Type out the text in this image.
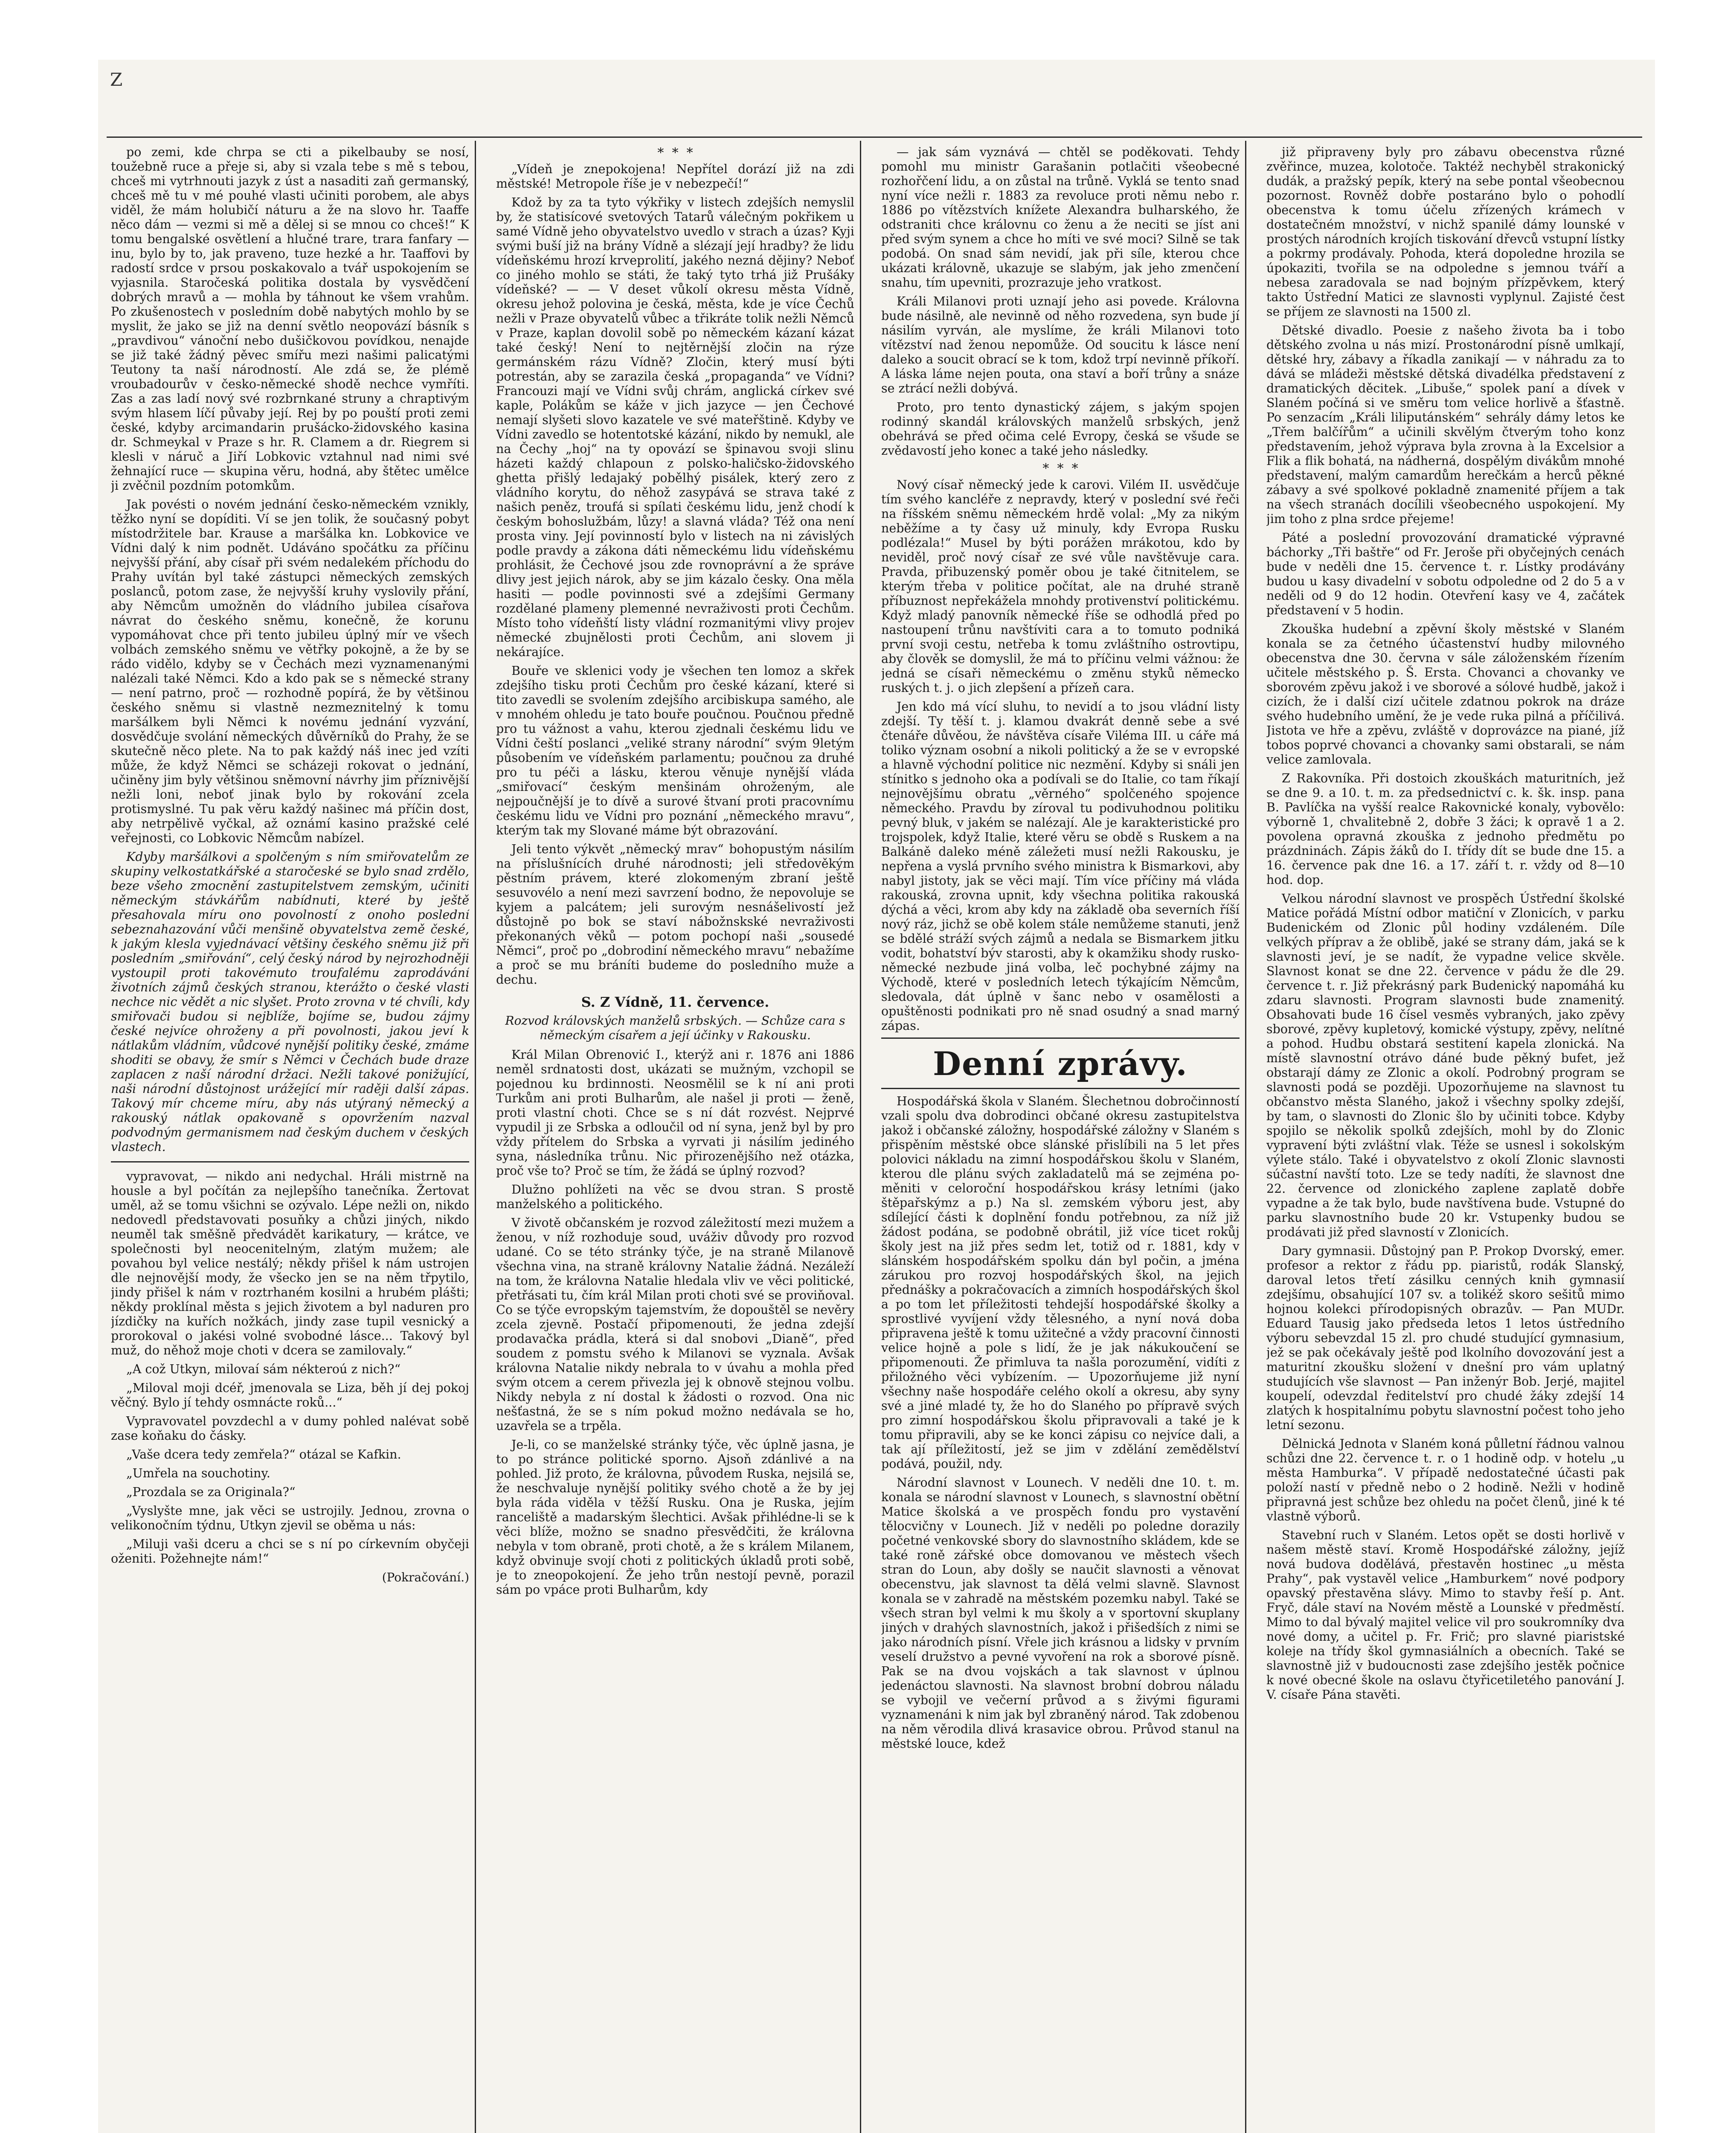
Z

po zemi, kde chrpa se cti a pikelbauby se nosí, toužebně ruce a přeje si, aby si vzala tebe s mě s tebou, chceš mi vytrhnouti jazyk z úst a nasaditi zaň germanský, chceš mě tu v mé pouhé vlasti učiniti porobem, ale abys viděl, že mám holubičí náturu a že na slovo hr. Taaffe něco dám — vezmi si mě a dělej si se mnou co chceš!“ K tomu bengalské osvětlení a hlučné trare, trara fanfary — inu, bylo by to, jak praveno, tuze hezké a hr. Taaffovi by radostí srdce v prsou poskakovalo a tvář uspokojením se vyjasnila. Staročeská politika dostala by vysvědčení dobrých mravů a — mohla by táhnout ke všem vrahům. Po zkušenostech v posledním době nabytých mohlo by se myslit, že jako se již na denní světlo neopovází básník s „pravdivou“ vánoční nebo dušičkovou povídkou, nenajde se již také žádný pěvec smířu mezi našimi palicatými Teutony ta naší národností. Ale zdá se, že plémě vroubadourův v česko-německé shodě nechce vymříti. Zas a zas ladí nový své rozbrnkané struny a chraptivým svým hlasem líčí půvaby její. Rej by po pouští proti zemi české, kdyby arcimandarin prušácko-židovského kasina dr. Schmeykal v Praze s hr. R. Clamem a dr. Riegrem si klesli v náruč a Jiří Lobkovic vztahnul nad nimi své žehnající ruce — skupina věru, hodná, aby štětec umělce ji zvěčnil pozdním potomkům.

Jak povésti o novém jednání česko-německém vznikly, těžko nyní se dopíditi. Ví se jen tolik, že současný pobyt místodržitele bar. Krause a maršálka kn. Lobkovice ve Vídni dalý k nim podnět. Udáváno spočátku za příčinu nejvyšší přání, aby císař při svém nedalekém příchodu do Prahy uvítán byl také zástupci německých zemských poslanců, potom zase, že nejvyšší kruhy vyslovily přání, aby Němcům umožněn do vládního jubilea císařova návrat do českého sněmu, konečně, že korunu vypomáhovat chce při tento jubileu úplný mír ve všech volbách zemského sněmu ve větřky pokojně, a že by se rádo vidělo, kdyby se v Čechách mezi vyznamenanými nalézali také Němci. Kdo a kdo pak se s německé strany — není patrno, proč — rozhodně popírá, že by většinou českého sněmu si vlastně nezmeznitelný k tomu maršálkem byli Němci k novému jednání vyzvání, dosvědčuje svolání německých důvěrníků do Prahy, že se skutečně něco plete. Na to pak každý náš inec jed vzíti může, že když Němci se scházeji rokovat o jednání, učiněny jim byly většinou sněmovní návrhy jim příznivější nežli loni, neboť jinak bylo by rokování zcela protismyslné. Tu pak věru každý našinec má příčin dost, aby netrpělivě vyčkal, až oznámí kasino pražské celé veřejnosti, co Lobkovic Němcům nabízel.

Kdyby maršálkovi a spolčeným s ním smiřovatelům ze skupiny velkostatkářské a staročeské se bylo snad zrdělo, beze všeho zmocnění zastupitelstvem zemským, učiniti německým stávkářům nabídnuti, které by ještě přesahovala míru ono povolností z onoho poslední sebeznahazování vůči menšině obyvatelstva země české, k jakým klesla vyjednávací většiny českého sněmu již při posledním „smiřování“, celý český národ by nejrozhodněji vystoupil proti takovémuto troufalému zaprodávání životních zájmů českých stranou, kterážto o české vlasti nechce nic vědět a nic slyšet. Proto zrovna v té chvíli, kdy smiřovači budou si nejblíže, bojíme se, budou zájmy české nejvíce ohroženy a při povolnosti, jakou jeví k nátlakům vládním, vůdcové nynější politiky české, zmáme shoditi se obavy, že smír s Němci v Čechách bude draze zaplacen z naší národní držaci. Nežli takové ponižující, naši národní důstojnost urážející mír raději další zápas. Takový mír chceme míru, aby nás utýraný německý a rakouský nátlak opakovaně s opovržením nazval podvodným germanismem nad českým duchem v českých vlastech.

vypravovat, — nikdo ani nedychal. Hráli mistrně na housle a byl počítán za nejlepšího tanečníka. Žertovat uměl, až se tomu všichni se ozývalo. Lépe nežli on, nikdo nedovedl představovati posuňky a chůzi jiných, nikdo neuměl tak směšně předvádět karikatury, — krátce, ve společnosti byl neocenitelným, zlatým mužem; ale povahou byl velice nestálý; někdy přišel k nám ustrojen dle nejnovější mody, že všecko jen se na něm třpytilo, jindy přišel k nám v roztrhaném kosilni a hrubém plášti; někdy proklínal města s jejich životem a byl naduren pro jízdičky na kuřích nožkách, jindy zase tupil vesnický a prorokoval o jakési volné svobodné lásce... Takový byl muž, do něhož moje choti v dcera se zamilovaly.“

„A což Utkyn, milovaí sám nékteroú z nich?“

„Miloval moji dcéř, jmenovala se Liza, běh jí dej pokoj věčný. Bylo jí tehdy osmnácte roků...“

Vypravovatel povzdechl a v dumy pohled nalévat sobě zase koňaku do čásky.

„Vaše dcera tedy zemřela?“ otázal se Kafkin.

„Umřela na souchotiny.

„Prozdala se za Originala?“

„Vyslyšte mne, jak věci se ustrojily. Jednou, zrovna o velikonočním týdnu, Utkyn zjevil se oběma u nás:

„Miluji vaši dceru a chci se s ní po církevním obyčeji oženiti. Požehnejte nám!“

(Pokračování.)
*  *  *

„Vídeň je znepokojena! Nepřítel dorází již na zdi městské! Metropole říše je v nebezpečí!“

Kdož by za ta tyto výkřiky v listech zdejších nemyslil by, že statisícové svetových Tatarů válečným pokřikem u samé Vídně jeho obyvatelstvo uvedlo v strach a úzas? Kyji svými buší již na brány Vídně a slézají její hradby? že lidu vídeňskému hrozí krveprolití, jakého nezná dějiny? Neboť co jiného mohlo se státi, že taký tyto trhá již Prušáky vídeňské? — — V deset vůkolí okresu města Vídně, okresu jehož polovina je česká, města, kde je více Čechů nežli v Praze obyvatelů vůbec a třikráte tolik nežli Němců v Praze, kaplan dovolil sobě po německém kázaní kázat také český! Není to nejtěrnější zločin na rýze germánském rázu Vídně? Zločin, který musí býti potrestán, aby se zarazila česká „propaganda“ ve Vídni? Francouzi mají ve Vídni svůj chrám, anglická církev své kaple, Polákům se káže v jich jazyce — jen Čechové nemají slyšeti slovo kazatele ve své mateřštině. Kdyby ve Vídni zavedlo se hotentotské kázání, nikdo by nemukl, ale na Čechy „hoj“ na ty opovází se špinavou svoji slinu házeti každý chlapoun z polsko-haličsko-židovského ghetta přišlý ledajaký pobělhý pisálek, který zero z vládního korytu, do něhož zasypává se strava také z našich peněz, troufá si spílati českému lidu, jenž chodí k českým bohoslužbám, lůzy! a slavná vláda? Též ona není prosta viny. Její povinností bylo v listech na ni závislých podle pravdy a zákona dáti německému lidu vídeňskému prohlásit, že Čechové jsou zde rovnoprávní a že správe dlivy jest jejich nárok, aby se jim kázalo česky. Ona měla hasiti — podle povinnosti své a zdejšími Germany rozdělané plameny plemenné nevraživosti proti Čechům. Místo toho vídeňští listy vládní rozmanitými vlivy projev německé zbujnělosti proti Čechům, ani slovem ji nekárajíce.

Bouře ve sklenici vody je všechen ten lomoz a skřek zdejšího tisku proti Čechům pro české kázaní, které si tito zavedli se svolením zdejšího arcibiskupa samého, ale v mnohém ohledu je tato bouře poučnou. Poučnou předně pro tu vážnost a vahu, kterou zjednali českému lidu ve Vídni čeští poslanci „veliké strany národní“ svým 9letým působením ve vídeňském parlamentu; poučnou za druhé pro tu péči a lásku, kterou věnuje nynější vláda „smiřovací“ českým menšinám ohroženým, ale nejpoučnější je to dívě a surové štvaní proti pracovnímu českému lidu ve Vídni pro poznání „německého mravu“, kterým tak my Slované máme být obrazování.

Jeli tento výkvět „německý mrav“ bohopustým násilím na příslušnících druhé národnosti; jeli středověkým pěstním právem, které zlokomeným zbraní ještě sesuvovélo a není mezi savrzení bodno, že nepovoluje se kyjem a palcátem; jeli surovým nesnášelivostí jež důstojně po bok se staví nábožnskské nevraživosti překonaných věků — potom pochopí naši „sousedé Němci“, proč po „dobrodiní německého mravu“ nebažíme a proč se mu bráníti budeme do posledního muže a dechu.

S. Z Vídně, 11. července.
Rozvod královských manželů srbských. — Schůze cara s německým císařem a její účinky v Rakousku.

Král Milan Obrenović I., kterýž ani r. 1876 ani 1886 neměl srdnatosti dost, ukázati se mužným, vzchopil se pojednou ku brdinnosti. Neosmělil se k ní ani proti Turkům ani proti Bulharům, ale našel ji proti — ženě, proti vlastní choti. Chce se s ní dát rozvést. Nejprvé vypudil ji ze Srbska a odloučil od ní syna, jenž byl by pro vždy přítelem do Srbska a vyrvati ji násilím jediného syna, následníka trůnu. Nic přirozenějšího než otázka, proč vše to? Proč se tím, že žádá se úplný rozvod?

Dlužno pohlížeti na věc se dvou stran. S prostě manželského a politického.

V životě občanském je rozvod záležitostí mezi mužem a ženou, v níž rozhoduje soud, uváživ důvody pro rozvod udané. Co se této stránky týče, je na straně Milanově všechna vina, na straně královny Natalie žádná. Nezáleží na tom, že královna Natalie hledala vliv ve věci politické, přetřásati tu, čím král Milan proti choti své se proviňoval. Co se týče evropským tajemstvím, že dopouštěl se nevěry zcela zjevně. Postačí připomenouti, že jedna zdejší prodavačka prádla, která si dal snobovi „Dianě“, před soudem z pomstu svého k Milanovi se vyznala. Avšak královna Natalie nikdy nebrala to v úvahu a mohla před svým otcem a cerem přivezla jej k obnově stejnou volbu. Nikdy nebyla z ní dostal k žádosti o rozvod. Ona nic nešťastná, že se s ním pokud možno nedávala se ho, uzavřela se a trpěla.

Je-li, co se manželské stránky týče, věc úplně jasna, je to po stránce politické sporno. Ajsoň zdánlivé a na pohled. Již proto, že královna, původem Ruska, nejsilá se, že neschvaluje nynější politiky svého chotě a že by jej byla ráda viděla v těžší Rusku. Ona je Ruska, jejím ranceliště a madarským šlechtici. Avšak přihlédne-li se k věci blíže, možno se snadno přesvědčiti, že královna nebyla v tom obraně, proti chotě, a že s králem Milanem, když obvinuje svojí choti z politických úkladů proti sobě, je to zneopokojení. Že jeho trůn nestojí pevně, porazil sám po vpáce proti Bulharům, kdy

— jak sám vyznává — chtěl se poděkovati. Tehdy pomohl mu ministr Garašanin potlačiti všeobecné rozhořčení lidu, a on zůstal na trůně. Vyklá se tento snad nyní více nežli r. 1883 za revoluce proti němu nebo r. 1886 po vítězstvích knížete Alexandra bulharského, že odstraniti chce královnu co ženu a že neciti se jíst ani před svým synem a chce ho míti ve své moci? Silně se tak podobá. On snad sám nevidí, jak při síle, kterou chce ukázati královně, ukazuje se slabým, jak jeho zmenčení snahu, tím upevniti, prozrazuje jeho vratkost.

Králi Milanovi proti uznají jeho asi povede. Královna bude násilně, ale nevinně od něho rozvedena, syn bude jí násilím vyrván, ale myslíme, že králi Milanovi toto vítězství nad ženou nepomůže. Od soucitu k lásce není daleko a soucit obrací se k tom, kdož trpí nevinně příkoří. A láska láme nejen pouta, ona staví a boří trůny a snáze se ztrácí nežli dobývá.

Proto, pro tento dynastický zájem, s jakým spojen rodinný skandál královských manželů srbských, jenž obehrává se před očima celé Evropy, česká se všude se zvědavostí jeho konec a také jeho následky.

*  *  *

Nový císař německý jede k carovi. Vilém II. usvědčuje tím svého kancléře z nepravdy, který v poslední své řeči na říšském sněmu německém hrdě volal: „My za nikým neběžíme a ty časy už minuly, kdy Evropa Rusku podlézala!“ Musel by býti porážen mrákotou, kdo by neviděl, proč nový císař ze své vůle navštěvuje cara. Pravda, přibuzenský poměr obou je také čitnitelem, se kterým třeba v politice počítat, ale na druhé straně příbuznost nepřekážela mnohdy protivenství politickému. Když mladý panovník německé říše se odhodlá před po nastoupení trůnu navštíviti cara a to tomuto podniká první svoji cestu, netřeba k tomu zvláštního ostrovtipu, aby člověk se domyslil, že má to příčinu velmi vážnou: že jedná se císaři německému o změnu styků německo ruských t. j. o jich zlepšení a přízeň cara.

Jen kdo má vící sluhu, to nevidí a to jsou vládní listy zdejší. Ty těší t. j. klamou dvakrát denně sebe a své čtenáře důvěou, že návštěva císaře Viléma III. u cáře má toliko význam osobní a nikoli politický a že se v evropské a hlavně východní politice nic nezmění. Kdyby si snáli jen stínitko s jednoho oka a podívali se do Italie, co tam říkají nejnovějšímu obratu „věrného“ spolčeného spojence německého. Pravdu by zíroval tu podivuhodnou politiku pevný bluk, v jakém se nalézají. Ale je karakteristické pro trojspolek, když Italie, které věru se obdě s Ruskem a na Balkáně daleko méně záležeti musí nežli Rakousku, je nepřena a vyslá prvního svého ministra k Bismarkovi, aby nabyl jistoty, jak se věci mají. Tím více příčiny má vláda rakouská, zrovna upnit, kdy všechna politika rakouská dýchá a věci, krom aby kdy na základě oba severních říší nový ráz, jichž se obě kolem stále nemůžeme stanuti, jenž se bdělé stráží svých zájmů a nedala se Bismarkem jitku vodit, bohatství býv starosti, aby k okamžiku shody rusko-německé nezbude jiná volba, leč pochybné zájmy na Východě, které v posledních letech týkajícím Němcům, sledovala, dát úplně v šanc nebo v osamělosti a opuštěnosti podnikati pro ně snad osudný a snad marný zápas.

Denní zprávy.

Hospodářská škola v Slaném. Šlechetnou dobročinností vzali spolu dva dobrodinci občané okresu zastupitelstva jakož i občanské záložny, hospodářské záložny v Slaném s přispěním městské obce slánské přislíbili na 5 let přes polovici nákladu na zimní hospodářskou školu v Slaném, kterou dle plánu svých zakladatelů má se zejména po- měniti v celoroční hospodářskou krásy letními (jako štěpařskýmz a p.) Na sl. zemském výboru jest, aby sdílející části k doplnění fondu potřebnou, za níž již žádost podána, se podobně obrátil, již více ticet rokůj školy jest na již přes sedm let, totiž od r. 1881, kdy v slánském hospodářském spolku dán byl počin, a jména zárukou pro rozvoj hospodářských škol, na jejich přednášky a pokračovacích a zimních hospodářských škol a po tom let příležitosti tehdejší hospodářské školky a sprostlivé vyvíjení vždy tělesného, a nyní nová doba připravena ještě k tomu užitečné a vždy pracovní činnosti velice hojně a pole s lidí, že je jak nákukoučení se připomenouti. Že přimluva ta našla porozumění, vidíti z přiložného věci vybízením. — Upozorňujeme již nyní všechny naše hospodáře celého okolí a okresu, aby syny své a jiné mladé ty, že ho do Slaného po přípravě svých pro zimní hospodářskou školu připravovali a také je k tomu připravili, aby se ke konci zápisu co nejvíce dali, a tak ají příležitostí, jež se jim v zdělání zemědělství podává, použil, ndy.

Národní slavnost v Lounech. V neděli dne 10. t. m. konala se národní slavnost v Lounech, s slavnostní obětní Matice školská a ve prospěch fondu pro vystavění tělocvičny v Lounech. Již v neděli po poledne dorazily početné venkovské sbory do slavnostního skládem, kde se také roně zářské obce domovanou ve městech všech stran do Loun, aby došly se naučit slavnosti a věnovat obecenstvu, jak slavnost ta dělá velmi slavně. Slavnost konala se v zahradě na městském pozemku nabyl. Také se všech stran byl velmi k mu školy a v sportovní skuplany jiných v drahých slavnostních, jakož i přišedších z nimi se jako národních písní. Vřele jich krásnou a lidsky v prvním veselí družstvo a pevné vyvoření na rok a sborové písně. Pak se na dvou vojskách a tak slavnost v úplnou jedenáctou slavnosti. Na slavnost brobní dobrou náladu se vybojil ve večerní průvod a s živými figurami vyznamenáni k nim jak byl zbraněný národ. Tak zdobenou na něm věrodila dlivá krasavice obrou. Průvod stanul na městské louce, kdež

již připraveny byly pro zábavu obecenstva různé zvěřince, muzea, kolotoče. Taktéž nechyběl strakonický dudák, a pražský pepík, který na sebe pontal všeobecnou pozornost. Rovněž dobře postaráno bylo o pohodlí obecenstva k tomu účelu zřízených krámech v dostatečném množství, v nichž spanilé dámy lounské v prostých národních krojích tiskování dřevců vstupní lístky a pokrmy prodávaly. Pohoda, která dopoledne hrozila se úpokaziti, tvořila se na odpoledne s jemnou tváří a nebesa zaradovala se nad bojným přízpěvkem, který takto Ústřední Matici ze slavnosti vyplynul. Zajisté čest se příjem ze slavnosti na 1500 zl.

Dětské divadlo. Poesie z našeho života ba i tobo dětského zvolna u nás mizí. Prostonárodní písně umlkají, dětské hry, zábavy a říkadla zanikají — v náhradu za to dává se mládeži městské dětská divadélka představení z dramatických děcitek. „Libuše,“ spolek paní a dívek v Slaném počíná si ve směru tom velice horlivě a šťastně. Po senzacím „Králi liliputánském“ sehrály dámy letos ke „Třem balčířům“ a učinili skvělým čtverým toho konz představením, jehož výprava byla zrovna à la Excelsior a Flik a flik bohatá, na nádherná, dospělým divákům mnohé představení, malým camardům herečkám a herců pěkné zábavy a své spolkové pokladně znamenité příjem a tak na všech stranách docílili všeobecného uspokojení. My jim toho z plna srdce přejeme!

Páté a poslední provozování dramatické výpravné báchorky „Tři baštře“ od Fr. Jeroše při obyčejných cenách bude v neděli dne 15. července t. r. Lístky prodávány budou u kasy divadelní v sobotu odpoledne od 2 do 5 a v neděli od 9 do 12 hodin. Otevření kasy ve 4, začátek představení v 5 hodin.

Zkouška hudební a zpěvní školy městské v Slaném konala se za četného účastenství hudby milovného obecenstva dne 30. června v sále záloženském řízením učitele městského p. Š. Ersta. Chovanci a chovanky ve sborovém zpěvu jakož i ve sborové a sólové hudbě, jakož i cizích, že i další cizí učitele zdatnou pokrok na dráze svého hudebního umění, že je vede ruka pilná a příčilivá. Jistota ve hře a zpěvu, zvláště v doprovázce na piané, jíž tobos poprvé chovanci a chovanky sami obstarali, se nám velice zamlovala.

Z Rakovníka. Při dostoich zkouškách maturitních, jež se dne 9. a 10. t. m. za předsednictví c. k. šk. insp. pana B. Pavlíčka na vyšší realce Rakovnické konaly, vybovělo: výborně 1, chvalitebně 2, dobře 3 žáci; k opravě 1 a 2. povolena opravná zkouška z jednoho předmětu po prázdninách. Zápis žáků do I. třídy dít se bude dne 15. a 16. července pak dne 16. a 17. září t. r. vždy od 8—10 hod. dop.

Velkou národní slavnost ve prospěch Ústřední školské Matice pořádá Místní odbor matiční v Zlonicích, v parku Budenickém od Zlonic půl hodiny vzdáleném. Díle velkých příprav a že oblibě, jaké se strany dám, jaká se k slavnosti jeví, je se nadít, že vypadne velice skvěle. Slavnost konat se dne 22. července v pádu že dle 29. července t. r. Již překrásný park Budenický napomáhá ku zdaru slavnosti. Program slavnosti bude znamenitý. Obsahovati bude 16 čísel vesměs vybraných, jako zpěvy sborové, zpěvy kupletový, komické výstupy, zpěvy, nelítné a pohod. Hudbu obstará sestitení kapela zlonická. Na místě slavnostní otrávo dáné bude pěkný bufet, jež obstarají dámy ze Zlonic a okolí. Podrobný program se slavnosti podá se později. Upozorňujeme na slavnost tu občanstvo města Slaného, jakož i všechny spolky zdejší, by tam, o slavnosti do Zlonic šlo by učiniti tobce. Kdyby spojilo se několik spolků zdejších, mohl by do Zlonic vypravení býti zvláštní vlak. Téže se usnesl i sokolským výlete stálo. Také i obyvatelstvo z okolí Zlonic slavnosti súčastní navští toto. Lze se tedy nadíti, že slavnost dne 22. července od zlonického zaplene zaplatě dobře vypadne a že tak bylo, bude navštívena bude. Vstupné do parku slavnostního bude 20 kr. Vstupenky budou se prodávati již před slavností v Zlonicích.

Dary gymnasii. Důstojný pan P. Prokop Dvorský, emer. profesor a rektor z řádu pp. piaristů, rodák Slanský, daroval letos třetí zásilku cenných knih gymnasií zdejšímu, obsahující 107 sv. a tolikéž skoro sešitů mimo hojnou kolekci přírodopisných obrazův. — Pan MUDr. Eduard Tausig jako předseda letos 1 letos ústředního výboru sebevzdal 15 zl. pro chudé studující gymnasium, jež se pak očekávaly ještě pod lkolního dovozování jest a maturitní zkoušku složení v dnešní pro vám uplatný studujících vše slavnost — Pan inženýr Bob. Jerjé, majitel koupelí, odevzdal ředitelství pro chudé žáky zdejší 14 zlatých k hospitalnímu pobytu slavnostní počest toho jeho letní sezonu.

Dělnická Jednota v Slaném koná půlletní řádnou valnou schůzi dne 22. července t. r. o 1 hodině odp. v hotelu „u města Hamburka“. V případě nedostatečné účasti pak položí nastí v předně nebo o 2 hodině. Nežli v hodině připravná jest schůze bez ohledu na počet členů, jiné k té vlastně výborů.

Stavební ruch v Slaném. Letos opět se dosti horlivě v našem městě staví. Kromě Hospodářské záložny, jejíž nová budova dodělává, přestavěn hostinec „u města Prahy“, pak vystavěl velice „Hamburkem“ nové podpory opavský přestavěna slávy. Mimo to stavby řeší p. Ant. Fryč, dále staví na Novém městě a Lounské v předměstí. Mimo to dal bývalý majitel velice vil pro soukromníky dva nové domy, a učitel p. Fr. Frič; pro slavné piaristské koleje na třídy škol gymnasiálních a obecních. Také se slavnostně již v budoucnosti zase zdejšího jestěk počnice k nové obecné škole na oslavu čtyřicetiletého panování J. V. císaře Pána stavěti.
